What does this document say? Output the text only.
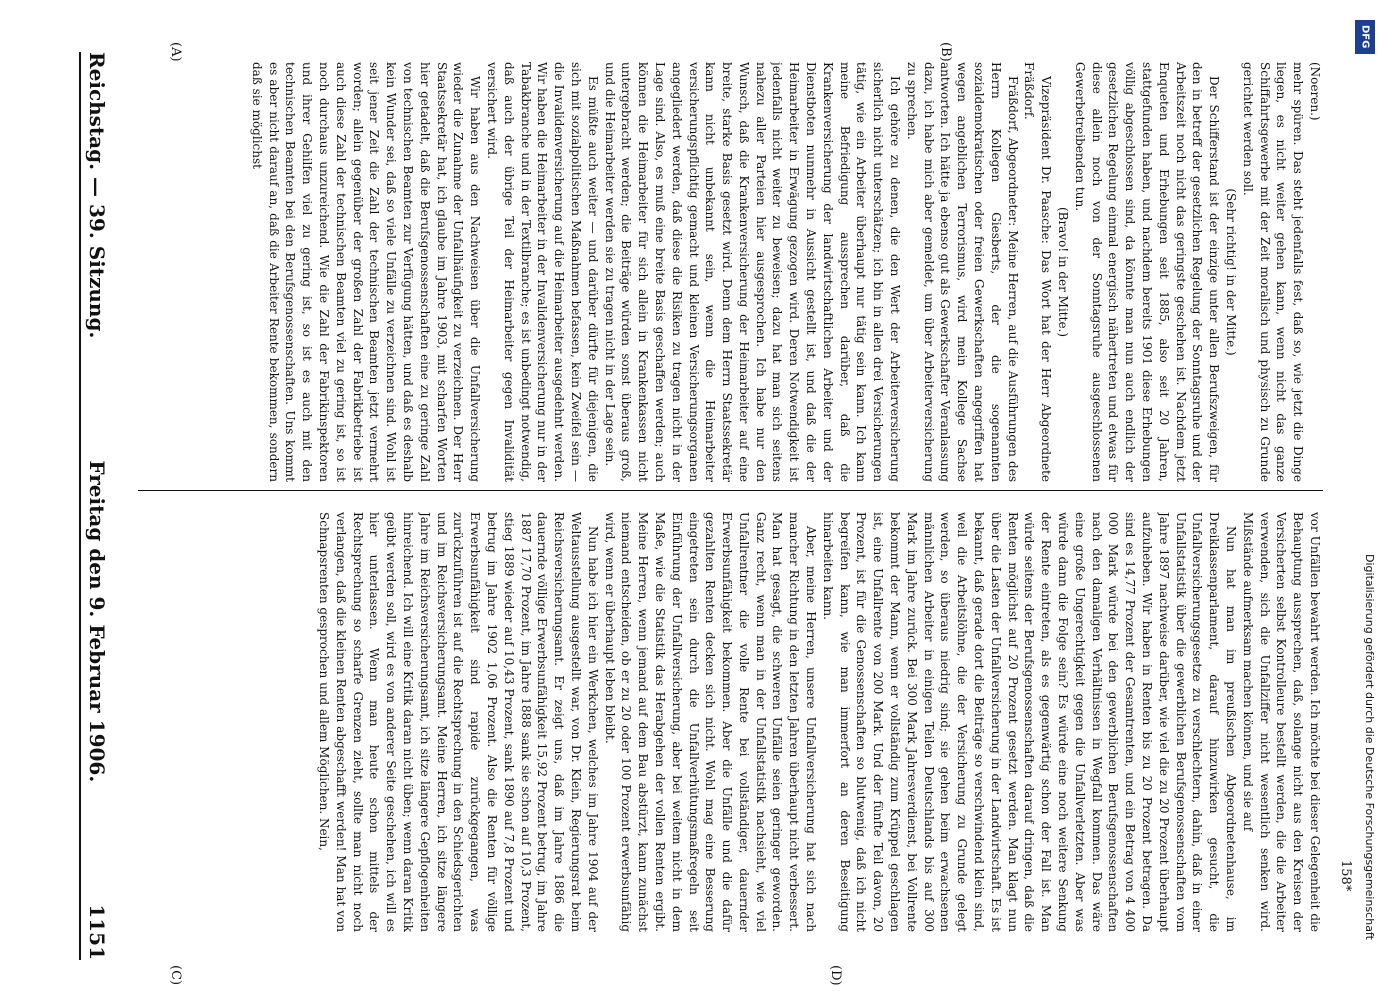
(A)	(B)
(C)	(D)

(Noeren.)

mehr spüren. Das steht jedenfalls fest, daß so, wie jetzt die Dinge liegen, es nicht weiter gehen kann, wenn nicht das ganze Schiffahrtsgewerbe mit der Zeit moralisch und physisch zu Grunde gerichtet werden soll.

(Sehr richtig! in der Mitte.)

Der Schifferstand ist der einzige unter allen Berufszweigen, für den in betreff der gesetzlichen Regelung der Sonntagsruhe und der Arbeitszeit noch nicht das geringste geschehen ist. Nachdem jetzt Enqueten und Erhebungen seit 1885, also seit 20 Jahren, stattgefunden haben, und nachdem bereits 1901 diese Erhebungen völlig abgeschlossen sind, da könnte man nun auch endlich der gesetzlichen Regelung einmal energisch nähertreten und etwas für diese allein noch von der Sonntagsruhe ausgeschlossenen Gewerbetreibenden tun.

(Bravo! in der Mitte.)

Vizepräsident Dr. Paasche: Das Wort hat der Herr Abgeordnete Fräßdorf.

Fräßdorf, Abgeordneter: Meine Herren, auf die Ausführungen des Herrn Kollegen Giesberts, der die sogenannten sozialdemokratischen oder freien Gewerkschaften angegriffen hat wegen angeblichen Terrorismus, wird mein Kollege Sachse antworten. Ich hätte ja ebenso gut als Gewerkschafter Veranlassung dazu, ich habe mich aber gemeldet, um über Arbeiterversicherung zu sprechen.

Ich gehöre zu denen, die den Wert der Arbeiterversicherung sicherlich nicht unterschätzen; ich bin in allen drei Versicherungen tätig, wie ein Arbeiter überhaupt nur tätig sein kann. Ich kann meine Befriedigung aussprechen darüber, daß die Krankenversicherung der landwirtschaftlichen Arbeiter und der Dienstboten nunmehr in Aussicht gestellt ist, und daß die der Heimarbeiter in Erwägung gezogen wird. Deren Notwendigkeit ist jedenfalls nicht weiter zu beweisen; dazu hat man sich seitens nahezu aller Parteien hier ausgesprochen. Ich habe nur den Wunsch, daß die Krankenversicherung der Heimarbeiter auf eine breite, starke Basis gesetzt wird. Denn dem Herrn Staatssekretär kann nicht unbekannt sein, wenn die Heimarbeiter versicherungspflichtig gemacht und kleinen Versicherungsorganen angegliedert werden, daß diese die Risiken zu tragen nicht in der Lage sind. Also, es muß eine breite Basis geschaffen werden; auch können die Heimarbeiter für sich allein in Krankenkassen nicht untergebracht werden; die Beiträge würden sonst überaus groß, und die Heimarbeiter werden sie zu tragen nicht in der Lage sein.

Es müßte auch weiter — und darüber dürfte für diejenigen, die sich mit sozialpolitischen Maßnahmen befassen, kein Zweifel sein — die Invalidenversicherung auf die Heimarbeiter ausgedehnt werden. Wir haben die Heimarbeiter in der Invalidenversicherung nur in der Tabakbranche und in der Textilbranche; es ist unbedingt notwendig, daß auch der übrige Teil der Heimarbeiter gegen Invalidität versichert wird.

Wir haben aus den Nachweisen über die Unfallversicherung wieder die Zunahme der Unfallhäufigkeit zu verzeichnen. Der Herr Staatssekretär hat, ich glaube im Jahre 1903, mit scharfen Worten hier getadelt, daß die Berufsgenossenschaften eine zu geringe Zahl von technischen Beamten zur Verfügung hätten, und daß es deshalb kein Wunder sei, daß so viele Unfälle zu verzeichnen sind. Wohl ist seit jener Zeit die Zahl der technischen Beamten jetzt vermehrt worden; allein gegenüber der großen Zahl der Fabrikbetriebe ist auch diese Zahl der technischen Beamten viel zu gering ist, so ist noch durchaus unzureichend. Wie die Zahl der Fabrikinspektoren und ihrer Gehilfen viel zu gering ist, so ist es auch mit den technischen Beamten bei den Berufsgenossenschaften. Uns kommt es aber nicht darauf an, daß die Arbeiter Rente bekommen, sondern daß sie möglichst

vor Unfällen bewahrt werden. Ich möchte bei dieser Gelegenheit die Behauptung aussprechen, daß, solange nicht aus den Kreisen der Versicherten selbst Kontrolleure bestellt werden, die die Arbeiter verwenden, sich die Unfallziffer nicht wesentlich senken wird. Mißstände aufmerksam machen können, und sie auf

Nun hat man im preußischen Abgeordnetenhause, im Dreiklassenparlament, darauf hinzuwirken gesucht, die Unfallversicherungsgesetze zu verschlechtern, dahin, daß in einer Unfallstatistik über die gewerblichen Berufsgenossenschaften vom Jahre 1897 nachweise darüber, wie viel die zu 20 Prozent überhaupt aufzuheben. Wir haben in Renten bis zu 20 Prozent betragen. Da sind es 14,77 Prozent der Gesamtrenten, und ein Betrag von 4 400 000 Mark würde bei den gewerblichen Berufsgenossenschaften nach den damaligen Verhältnissen in Wegfall kommen. Das wäre eine große Ungerechtigkeit gegen die Unfallverletzten. Aber was würde dann die Folge sein? Es würde eine noch weitere Senkung der Rente eintreten, als es gegenwärtig schon der Fall ist. Man würde seitens der Berufsgenossenschaften darauf dringen, daß die Renten möglichst auf 20 Prozent gesetzt werden. Man klagt nun über die Lasten der Unfallversicherung in der Landwirtschaft. Es ist bekannt, daß gerade dort die Beiträge so verschwindend klein sind, weil die Arbeitslöhne, die der Versicherung zu Grunde gelegt werden, so überaus niedrig sind; sie gehen beim erwachsenen männlichen Arbeiter in einigen Teilen Deutschlands bis auf 300 Mark im Jahre zurück. Bei 300 Mark Jahresverdienst, bei Vollrente bekommt der Mann, wenn er vollständig zum Krüppel geschlagen ist, eine Unfallrente von 200 Mark. Und der fünfte Teil davon, 20 Prozent, ist für die Genossenschaften so blutwenig, daß ich nicht begreifen kann, wie man immerfort an deren Beseitigung hinarbeiten kann.

Aber, meine Herren, unsere Unfallversicherung hat sich nach mancher Richtung in den letzten Jahren überhaupt nicht verbessert. Man hat gesagt, die schweren Unfälle seien geringer geworden. Ganz recht, wenn man in der Unfallstatistik nachsieht, wie viel Unfallrentner die volle Rente bei vollständiger, dauernder Erwerbsunfähigkeit bekommen. Aber die Unfälle und die dafür gezahlten Renten decken sich nicht. Wohl mag eine Besserung eingetreten sein durch die Unfallverhütungsmaßregeln seit Einführung der Unfallversicherung, aber bei weitem nicht in dem Maße, wie die Statistik das Herabgehen der vollen Renten ergibt. Meine Herren, wenn jemand auf dem Bau abstürzt, kann zunächst niemand entscheiden, ob er zu 20 oder 100 Prozent erwerbsunfähig wird, wenn er überhaupt leben bleibt.

Nun habe ich hier ein Werkchen, welches im Jahre 1904 auf der Weltausstellung ausgestellt war, von Dr. Klein, Regierungsrat beim Reichsversicherungsamt. Er zeigt uns, daß im Jahre 1886 die dauernde völlige Erwerbsunfähigkeit 15,92 Prozent betrug, im Jahre 1887 17,70 Prozent, im Jahre 1888 sank sie schon auf 10,3 Prozent, stieg 1889 wieder auf 10,43 Prozent, sank 1890 auf 7,8 Prozent und betrug im Jahre 1902 1,06 Prozent. Also die Renten für völlige Erwerbsunfähigkeit sind rapide zurückgegangen, was zurückzuführen ist auf die Rechtsprechung in den Schiedsgerichten und im Reichsversicherungsamt. Meine Herren, ich sitze längere Jahre im Reichsversicherungsamt, ich sitze längere Gepflogenheiten hinreichend. Ich will eine Kritik daran nicht üben; wenn daran Kritik geübt werden soll, wird es von anderer Seite geschehen, ich will es hier unterlassen. Wenn man heute schon mittels der Rechtsprechung so scharfe Grenzen zieht, sollte man nicht noch verlangen, daß die kleinen Renten abgeschafft werden! Man hat von Schnapsrenten gesprochen und allem Möglichen. Nein,

158*
Reichstag. — 39. Sitzung.
Freitag den 9. Februar 1906.
1151
DFG
Digitalisierung gefördert durch die Deutsche Forschungsgemeinschaft
